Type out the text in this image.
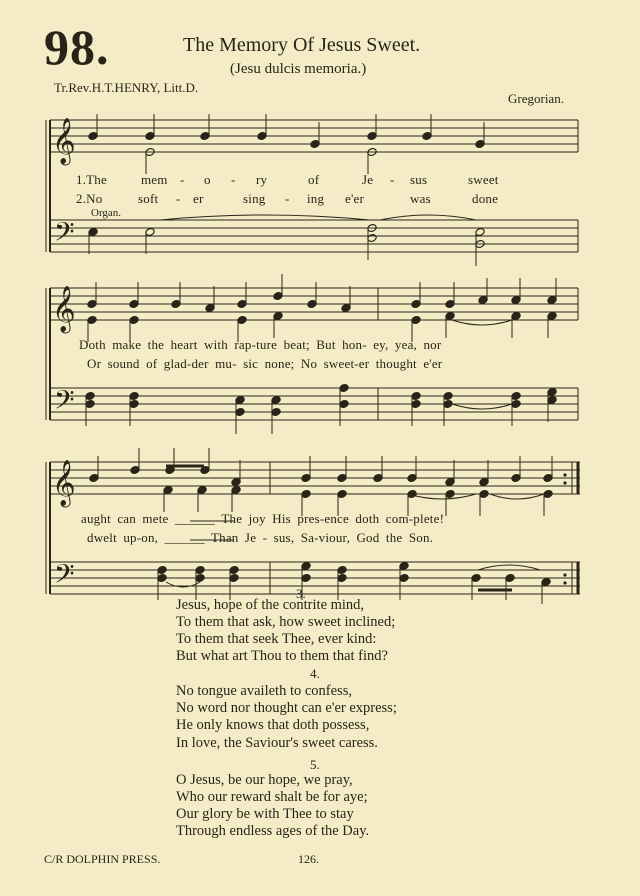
98.	The Memory Of Jesus Sweet.
(Jesu dulcis memoria.)
Tr.Rev.H.T.HENRY, Litt.D.
Gregorian.
𝄞
𝄢
𝄞
𝄢
𝄞
𝄢
1.The	mem - o - ry	of	Je - sus	sweet
2.No	soft - er	sing - ing e'er	was	done
Organ.
Doth make the heart with rap-ture beat; But hon- ey, yea, nor
Or sound of glad-der mu- sic none; No sweet-er thought e'er
aught can mete ______ The joy His pres-ence doth com-plete!
dwelt up-on, ______ Than Je - sus, Sa-viour, God the Son.
3.
Jesus, hope of the contrite mind,
To them that ask, how sweet inclined;
To them that seek Thee, ever kind:
But what art Thou to them that find?
4.
No tongue availeth to confess,
No word nor thought can e'er express;
He only knows that doth possess,
In love, the Saviour's sweet caress.
5.
O Jesus, be our hope, we pray,
Who our reward shalt be for aye;
Our glory be with Thee to stay
Through endless ages of the Day.
C/R DOLPHIN PRESS.	126.
